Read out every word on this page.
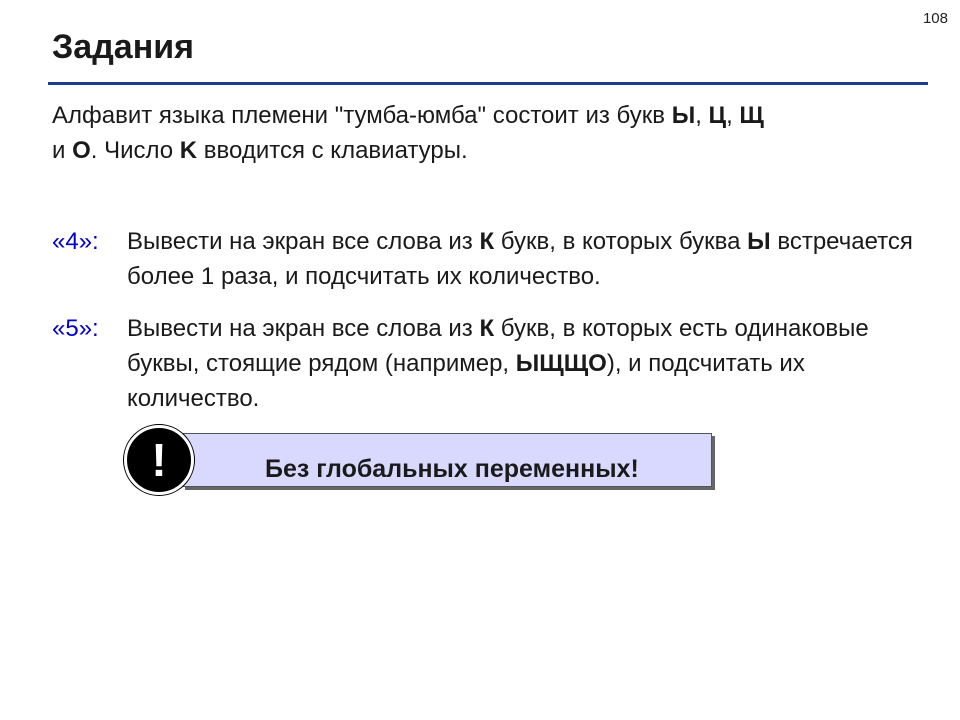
108
Задания

Алфавит языка племени "тумба-юмба" состоит из букв Ы, Ц, Щ
и О. Число K вводится с клавиатуры.

«4»: Вывести на экран все слова из К букв, в которых буква Ы встречается более 1 раза, и подсчитать их количество.
«5»: Вывести на экран все слова из К букв, в которых есть одинаковые буквы, стоящие рядом (например, ЫЩЩО), и подсчитать их количество.
Без глобальных переменных!
!
